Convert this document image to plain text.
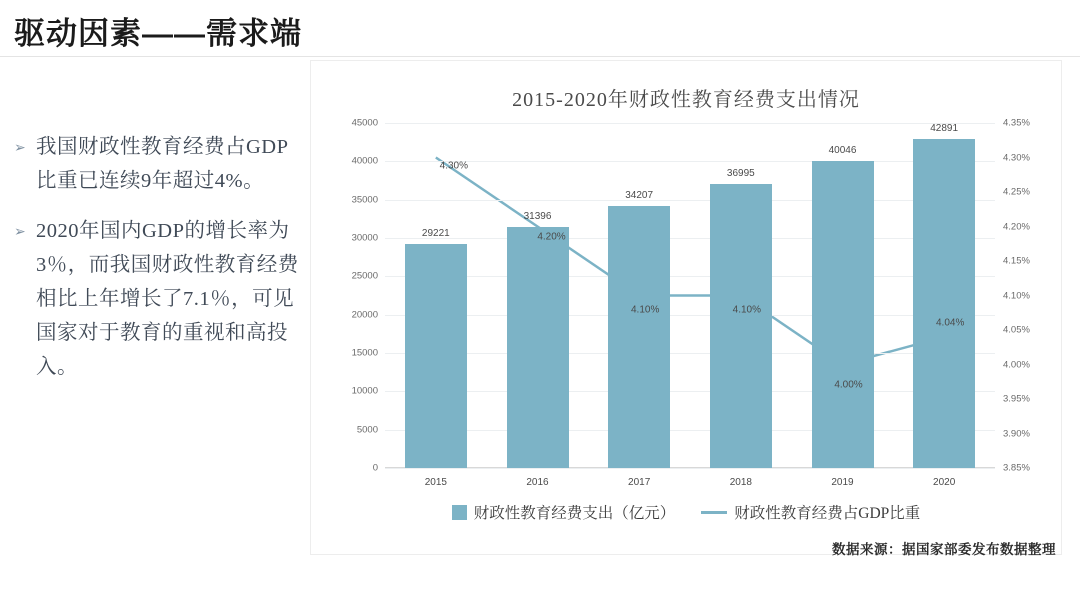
驱动因素——需求端
➢ 我国财政性教育经费占GDP比重已连续9年超过4%。
➢ 2020年国内GDP的增长率为3％，而我国财政性教育经费相比上年增长了7.1％，可见国家对于教育的重视和高投入。
2015-2020年财政性教育经费支出情况
0
5000
10000
15000
20000
25000
30000
35000
40000
45000
3.85%
3.90%
3.95%
4.00%
4.05%
4.10%
4.15%
4.20%
4.25%
4.30%
4.35%
29221
2015
31396
2016
34207
2017
36995
2018
40046
2019
42891
2020
4.30%
4.20%
4.10%	4.10%
4.00%
4.04%
财政性教育经费支出（亿元）	财政性教育经费占GDP比重
数据来源：据国家部委发布数据整理
